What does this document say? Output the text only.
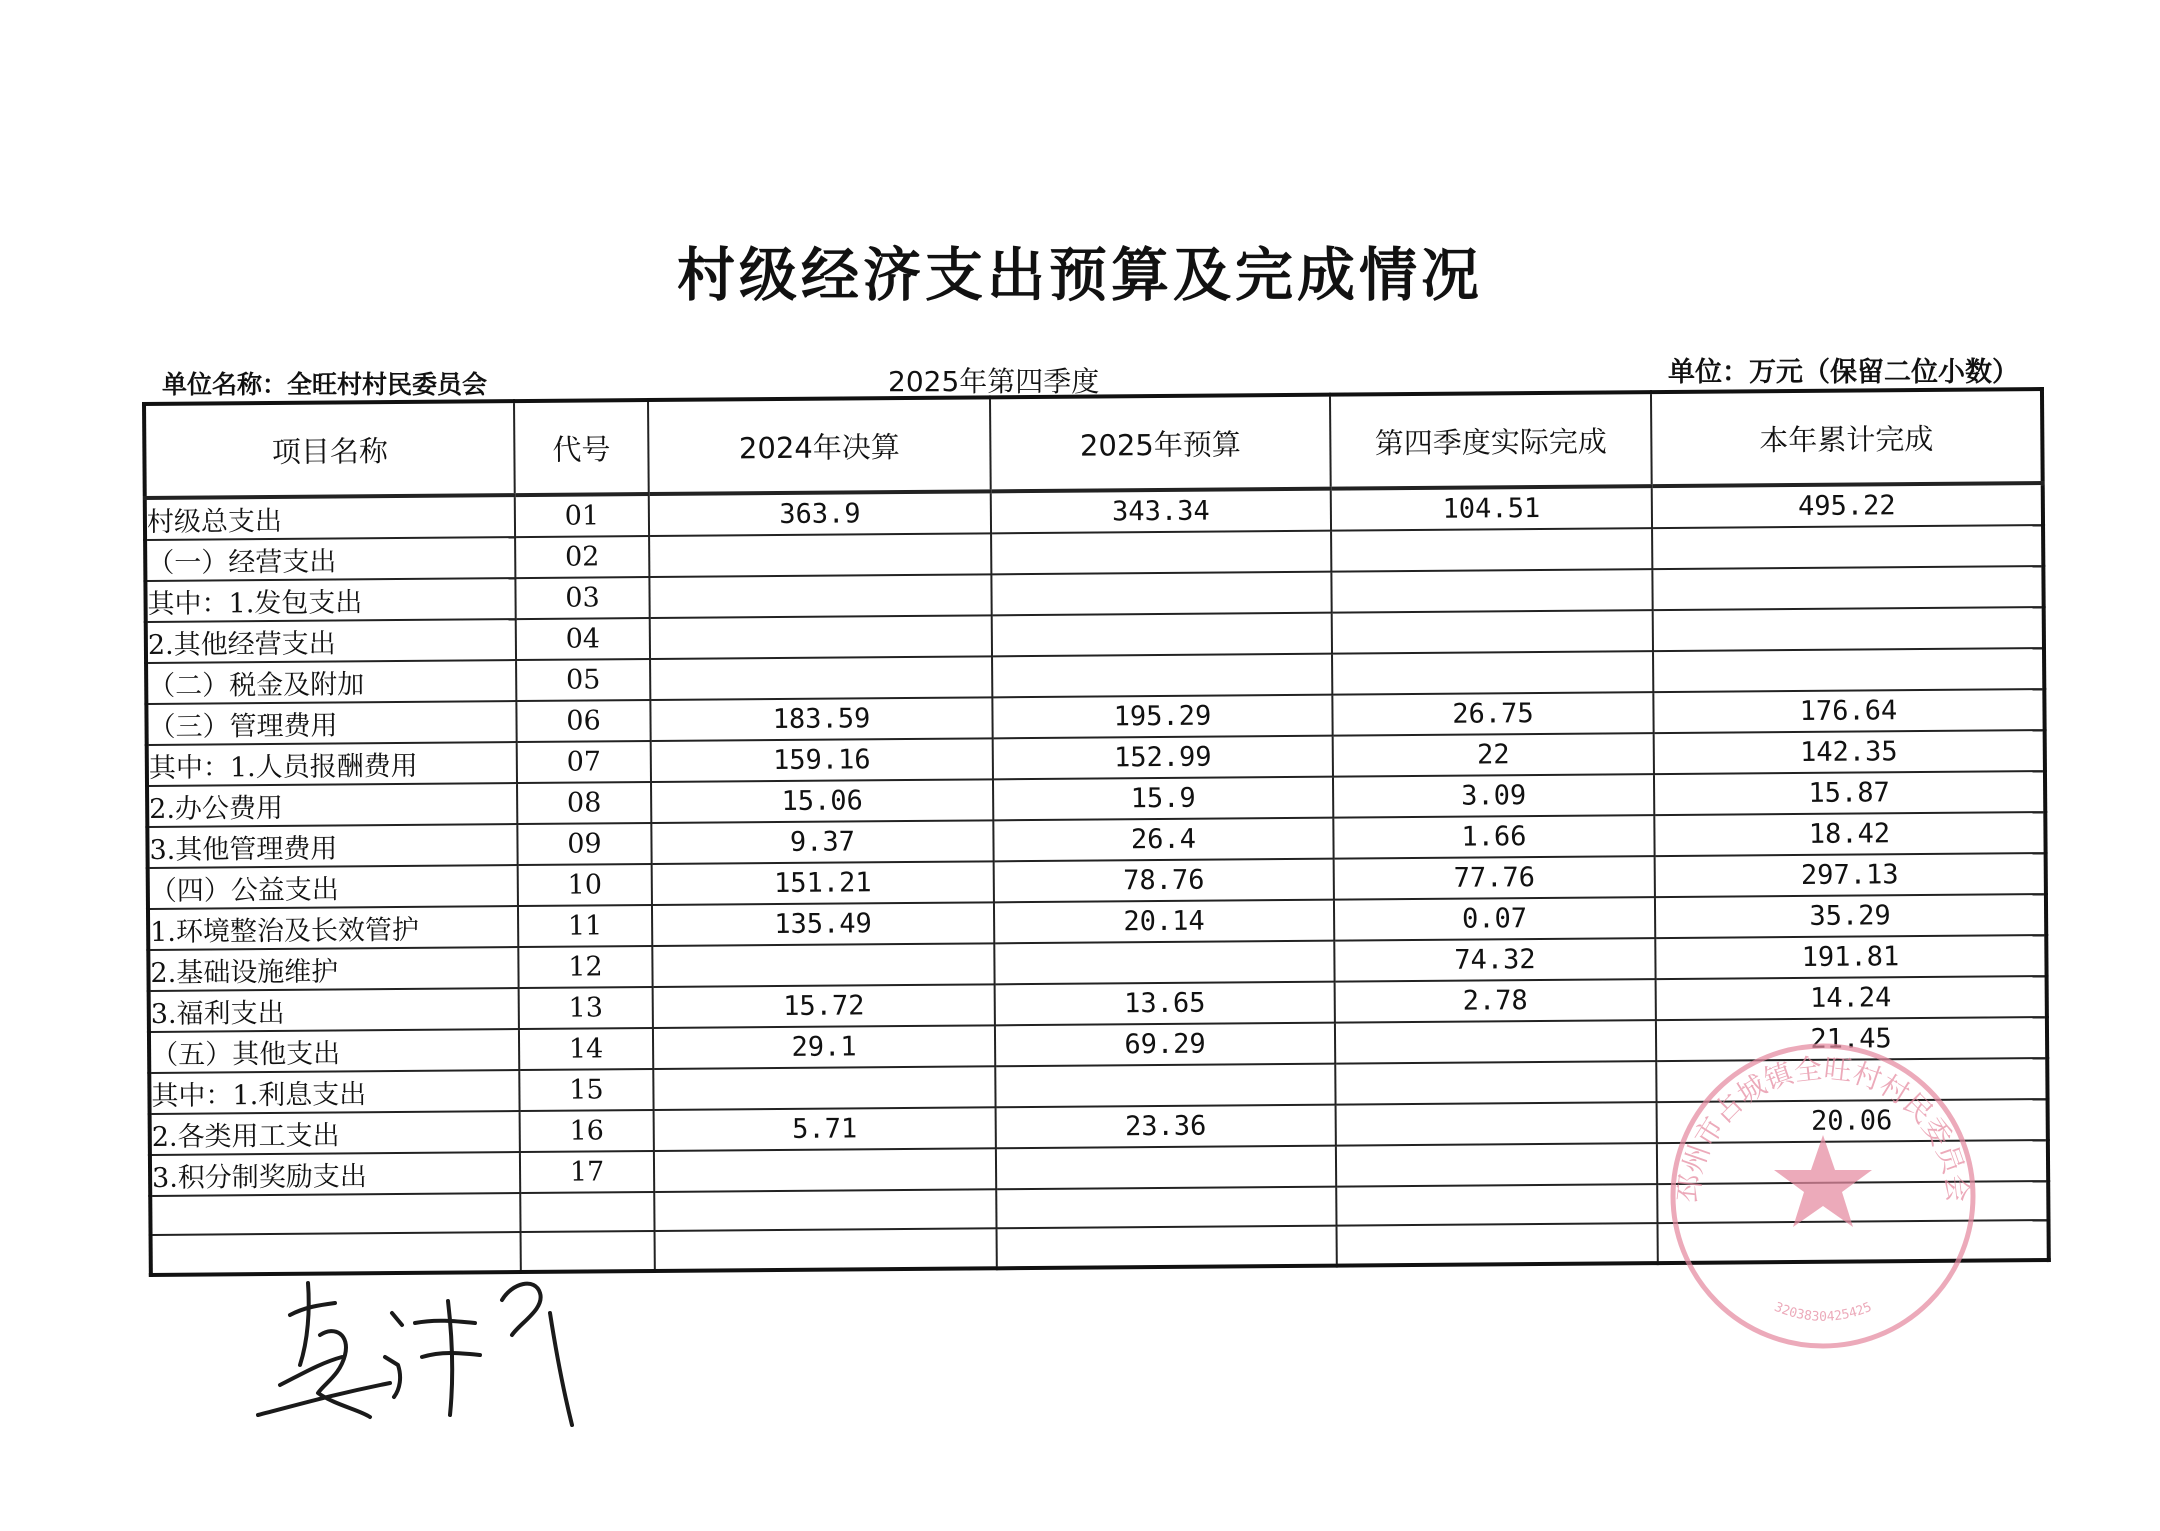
村级经济支出预算及完成情况
单位名称：全旺村村民委员会	2025年第四季度	单位：万元（保留二位小数）
项目名称	代号	2024年决算	2025年预算	第四季度实际完成	本年累计完成
村级总支出	01	363.9	343.34	104.51	495.22
（一）经营支出	02				
其中：1.发包支出	03				
2.其他经营支出	04				
（二）税金及附加	05				
（三）管理费用	06	183.59	195.29	26.75	176.64
其中：1.人员报酬费用	07	159.16	152.99	22	142.35
2.办公费用	08	15.06	15.9	3.09	15.87
3.其他管理费用	09	9.37	26.4	1.66	18.42
（四）公益支出	10	151.21	78.76	77.76	297.13
1.环境整治及长效管护	11	135.49	20.14	0.07	35.29
2.基础设施维护	12			74.32	191.81
3.福利支出	13	15.72	13.65	2.78	14.24
（五）其他支出	14	29.1	69.29		21.45
其中：1.利息支出	15				
2.各类用工支出	16	5.71	23.36		20.06
3.积分制奖励支出	17				

邳州市占城镇全旺村村民委员会
3203830425425
